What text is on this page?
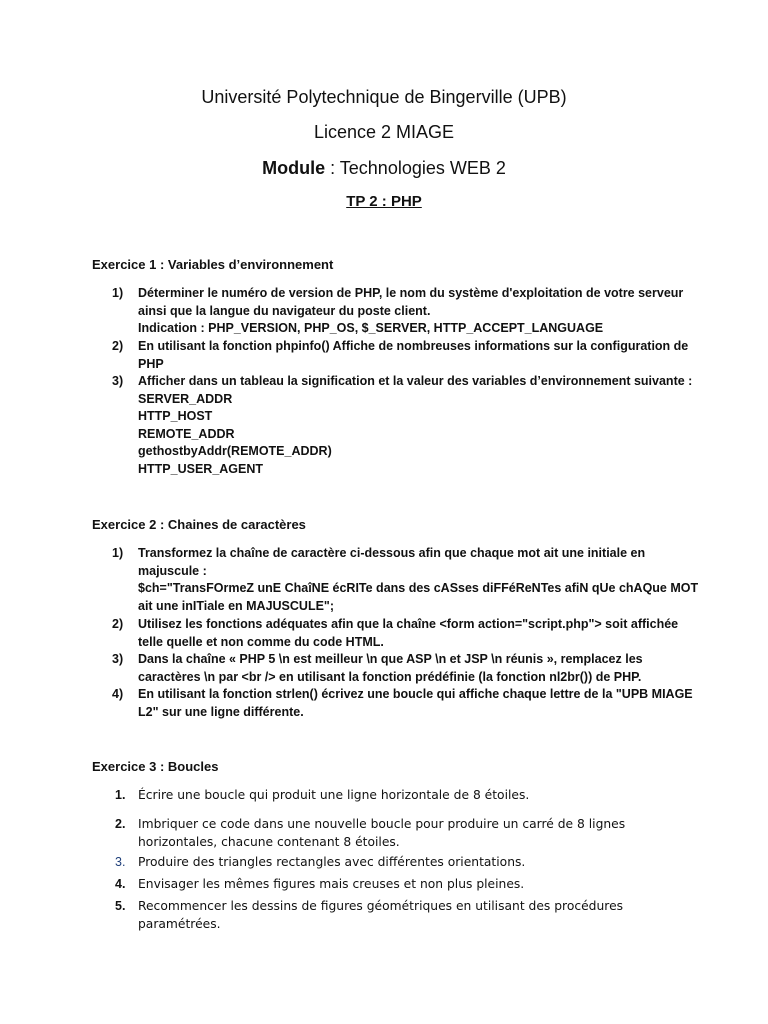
Université Polytechnique de Bingerville (UPB)
Licence 2 MIAGE
Module : Technologies WEB 2
TP 2 : PHP
Exercice 1 : Variables d’environnement
1) Déterminer le numéro de version de PHP, le nom du système d'exploitation de votre serveur
ainsi que la langue du navigateur du poste client.
Indication : PHP_VERSION, PHP_OS, $_SERVER, HTTP_ACCEPT_LANGUAGE
2) En utilisant la fonction phpinfo() Affiche de nombreuses informations sur la configuration de
PHP
3) Afficher dans un tableau la signification et la valeur des variables d’environnement suivante :
SERVER_ADDR
HTTP_HOST
REMOTE_ADDR
gethostbyAddr(REMOTE_ADDR)
HTTP_USER_AGENT
Exercice 2 : Chaines de caractères
1) Transformez la chaîne de caractère ci-dessous afin que chaque mot ait une initiale en
majuscule :
$ch="TransFOrmeZ unE ChaîNE écRITe dans des cASses diFFéReNTes afiN qUe chAQue MOT
ait une inITiale en MAJUSCULE";
2) Utilisez les fonctions adéquates afin que la chaîne <form action="script.php"> soit affichée
telle quelle et non comme du code HTML.
3) Dans la chaîne « PHP 5 \n est meilleur \n que ASP \n et JSP \n réunis », remplacez les
caractères \n par <br /> en utilisant la fonction prédéfinie (la fonction nl2br()) de PHP.
4) En utilisant la fonction strlen() écrivez une boucle qui affiche chaque lettre de la "UPB MIAGE
L2" sur une ligne différente.
Exercice 3 : Boucles
1. Écrire une boucle qui produit une ligne horizontale de 8 étoiles.
2. Imbriquer ce code dans une nouvelle boucle pour produire un carré de 8 lignes
horizontales, chacune contenant 8 étoiles.
3. Produire des triangles rectangles avec différentes orientations.
4. Envisager les mêmes figures mais creuses et non plus pleines.
5. Recommencer les dessins de figures géométriques en utilisant des procédures
paramétrées.
